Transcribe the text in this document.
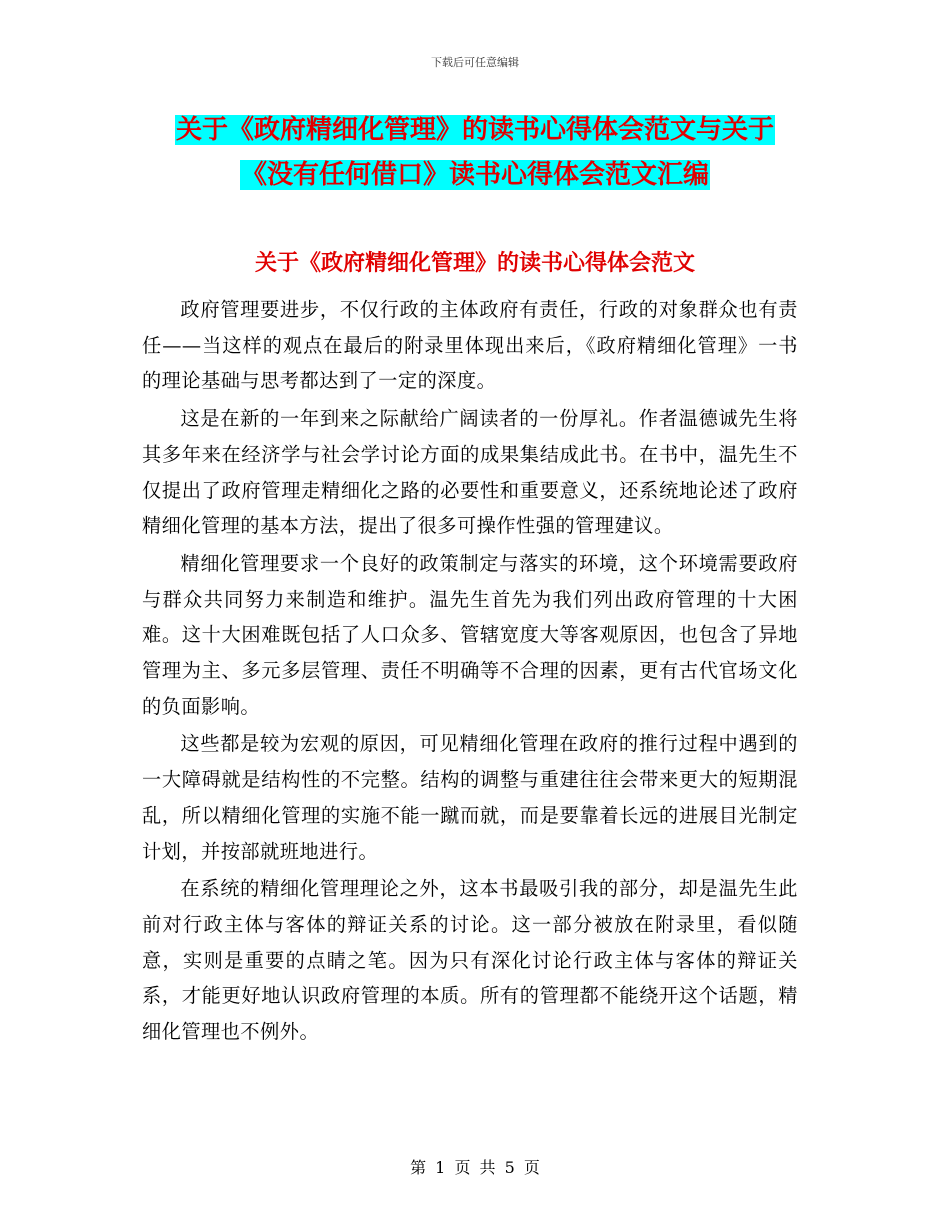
下载后可任意编辑
关于《政府精细化管理》的读书心得体会范文与关于
《没有任何借口》读书心得体会范文汇编
关于《政府精细化管理》的读书心得体会范文

政府管理要进步，不仅行政的主体政府有责任，行政的对象群众也有责任——当这样的观点在最后的附录里体现出来后，《政府精细化管理》一书的理论基础与思考都达到了一定的深度。

这是在新的一年到来之际献给广阔读者的一份厚礼。作者温德诚先生将其多年来在经济学与社会学讨论方面的成果集结成此书。在书中，温先生不仅提出了政府管理走精细化之路的必要性和重要意义，还系统地论述了政府精细化管理的基本方法，提出了很多可操作性强的管理建议。

精细化管理要求一个良好的政策制定与落实的环境，这个环境需要政府与群众共同努力来制造和维护。温先生首先为我们列出政府管理的十大困难。这十大困难既包括了人口众多、管辖宽度大等客观原因，也包含了异地管理为主、多元多层管理、责任不明确等不合理的因素，更有古代官场文化的负面影响。

这些都是较为宏观的原因，可见精细化管理在政府的推行过程中遇到的一大障碍就是结构性的不完整。结构的调整与重建往往会带来更大的短期混乱，所以精细化管理的实施不能一蹴而就，而是要靠着长远的进展目光制定计划，并按部就班地进行。

在系统的精细化管理理论之外，这本书最吸引我的部分，却是温先生此前对行政主体与客体的辩证关系的讨论。这一部分被放在附录里，看似随意，实则是重要的点睛之笔。因为只有深化讨论行政主体与客体的辩证关系，才能更好地认识政府管理的本质。所有的管理都不能绕开这个话题，精细化管理也不例外。

第 1 页 共 5 页
